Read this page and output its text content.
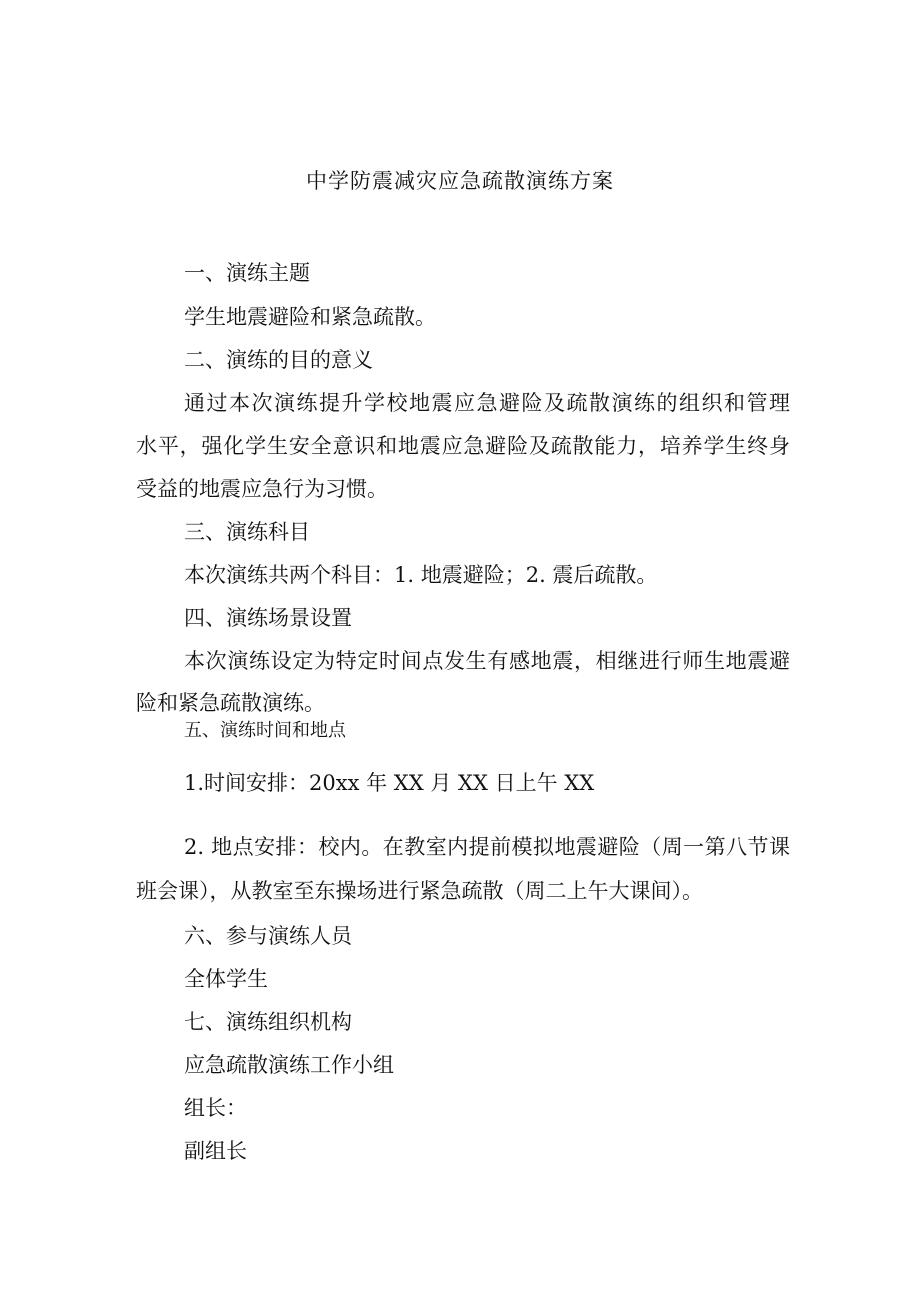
中学防震减灾应急疏散演练方案
一、演练主题
学生地震避险和紧急疏散。
二、演练的目的意义
通过本次演练提升学校地震应急避险及疏散演练的组织和管理
水平，强化学生安全意识和地震应急避险及疏散能力，培养学生终身
受益的地震应急行为习惯。
三、演练科目
本次演练共两个科目：1. 地震避险；2. 震后疏散。
四、演练场景设置
本次演练设定为特定时间点发生有感地震，相继进行师生地震避
险和紧急疏散演练。
五、演练时间和地点
1.时间安排：20xx 年 XX 月 XX 日上午 XX
2. 地点安排：校内。在教室内提前模拟地震避险（周一第八节课
班会课），从教室至东操场进行紧急疏散（周二上午大课间）。
六、参与演练人员
全体学生
七、演练组织机构
应急疏散演练工作小组
组长：
副组长
